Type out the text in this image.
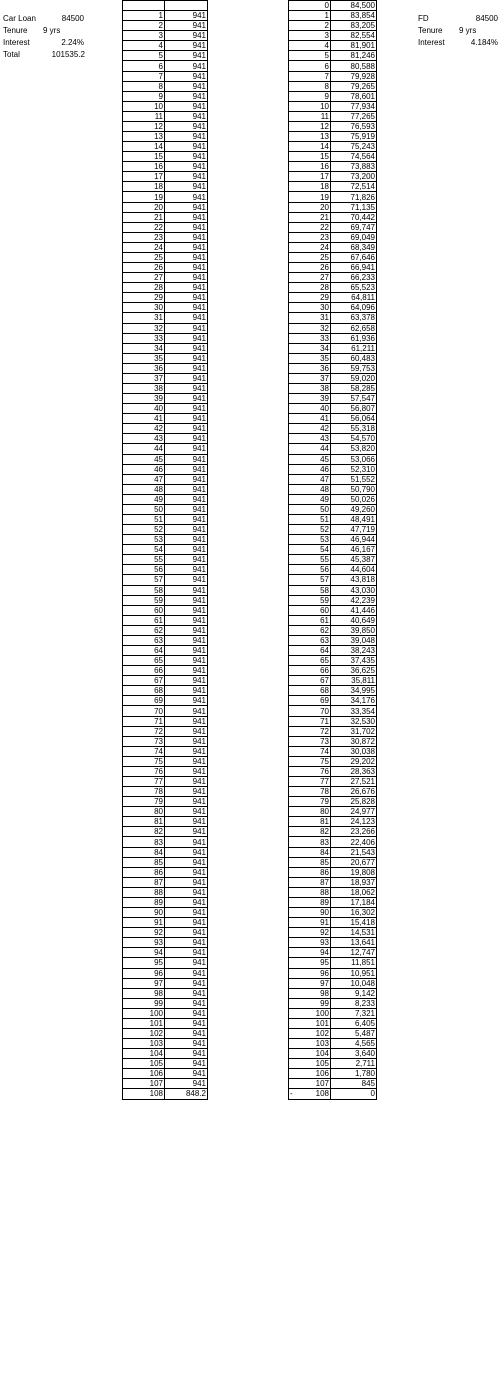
Car Loan	84500
Tenure 9 yrs
Interest	2.24%
Total	101535.2

1	941
2	941
3	941
4	941
5	941
6	941
7	941
8	941
9	941
10	941
11	941
12	941
13	941
14	941
15	941
16	941
17	941
18	941
19	941
20	941
21	941
22	941
23	941
24	941
25	941
26	941
27	941
28	941
29	941
30	941
31	941
32	941
33	941
34	941
35	941
36	941
37	941
38	941
39	941
40	941
41	941
42	941
43	941
44	941
45	941
46	941
47	941
48	941
49	941
50	941
51	941
52	941
53	941
54	941
55	941
56	941
57	941
58	941
59	941
60	941
61	941
62	941
63	941
64	941
65	941
66	941
67	941
68	941
69	941
70	941
71	941
72	941
73	941
74	941
75	941
76	941
77	941
78	941
79	941
80	941
81	941
82	941
83	941
84	941
85	941
86	941
87	941
88	941
89	941
90	941
91	941
92	941
93	941
94	941
95	941
96	941
97	941
98	941
99	941
100	941
101	941
102	941
103	941
104	941
105	941
106	941
107	941
108	848.2
0	84,500
1	83,854
2	83,205
3	82,554
4	81,901
5	81,246
6	80,588
7	79,928
8	79,265
9	78,601
10	77,934
11	77,265
12	76,593
13	75,919
14	75,243
15	74,564
16	73,883
17	73,200
18	72,514
19	71,826
20	71,135
21	70,442
22	69,747
23	69,049
24	68,349
25	67,646
26	66,941
27	66,233
28	65,523
29	64,811
30	64,096
31	63,378
32	62,658
33	61,936
34	61,211
35	60,483
36	59,753
37	59,020
38	58,285
39	57,547
40	56,807
41	56,064
42	55,318
43	54,570
44	53,820
45	53,066
46	52,310
47	51,552
48	50,790
49	50,026
50	49,260
51	48,491
52	47,719
53	46,944
54	46,167
55	45,387
56	44,604
57	43,818
58	43,030
59	42,239
60	41,446
61	40,649
62	39,850
63	39,048
64	38,243
65	37,435
66	36,625
67	35,811
68	34,995
69	34,176
70	33,354
71	32,530
72	31,702
73	30,872
74	30,038
75	29,202
76	28,363
77	27,521
78	26,676
79	25,828
80	24,977
81	24,123
82	23,266
83	22,406
84	21,543
85	20,677
86	19,808
87	18,937
88	18,062
89	17,184
90	16,302
91	15,418
92	14,531
93	13,641
94	12,747
95	11,851
96	10,951
97	10,048
98	9,142
99	8,233
100	7,321
101	6,405
102	5,487
103	4,565
104	3,640
105	2,711
106	1,780
107	845

- 108	0
FD	84500
Tenure 9 yrs
Interest	4.184%
